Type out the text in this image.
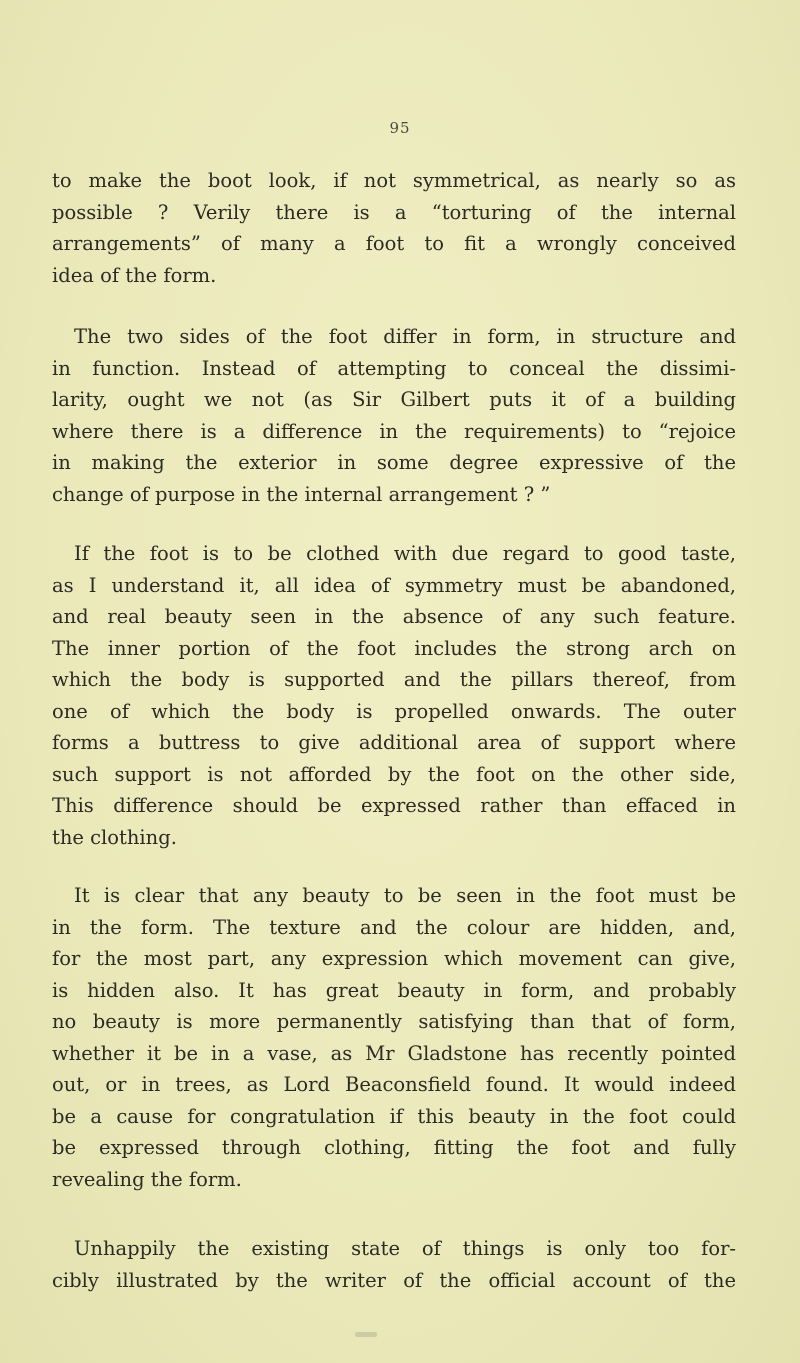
95
to make the boot look, if not symmetrical, as nearly so as
possible ? Verily there is a “torturing of the internal
arrangements” of many a foot to fit a wrongly conceived
idea of the form.
The two sides of the foot differ in form, in structure and
in function. Instead of attempting to conceal the dissimi-
larity, ought we not (as Sir Gilbert puts it of a building
where there is a difference in the requirements) to “rejoice
in making the exterior in some degree expressive of the
change of purpose in the internal arrangement ? ”
If the foot is to be clothed with due regard to good taste,
as I understand it, all idea of symmetry must be abandoned,
and real beauty seen in the absence of any such feature.
The inner portion of the foot includes the strong arch on
which the body is supported and the pillars thereof, from
one of which the body is propelled onwards. The outer
forms a buttress to give additional area of support where
such support is not afforded by the foot on the other side,
This difference should be expressed rather than effaced in
the clothing.
It is clear that any beauty to be seen in the foot must be
in the form. The texture and the colour are hidden, and,
for the most part, any expression which movement can give,
is hidden also. It has great beauty in form, and probably
no beauty is more permanently satisfying than that of form,
whether it be in a vase, as Mr Gladstone has recently pointed
out, or in trees, as Lord Beaconsfield found. It would indeed
be a cause for congratulation if this beauty in the foot could
be expressed through clothing, fitting the foot and fully
revealing the form.
Unhappily the existing state of things is only too for-
cibly illustrated by the writer of the official account of the
